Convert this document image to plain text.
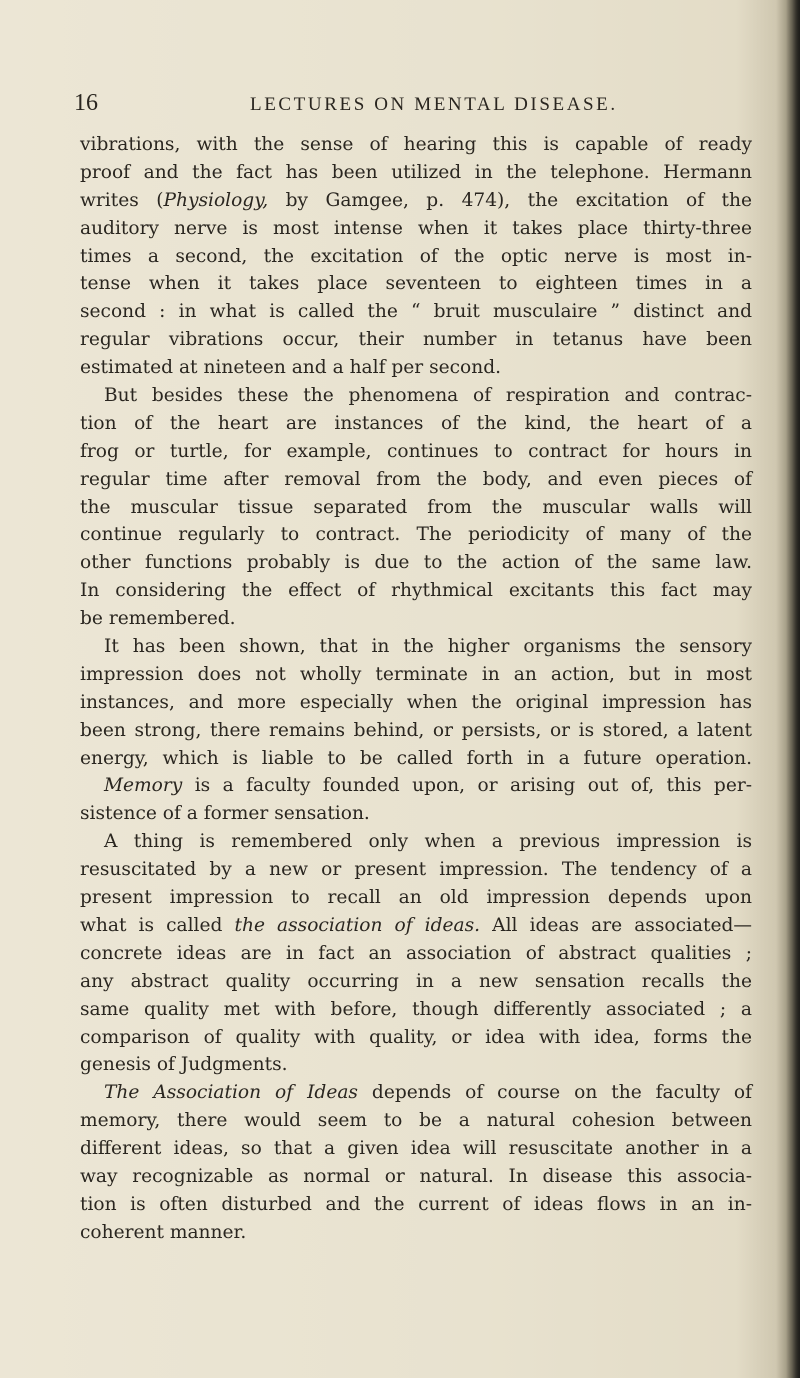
16	LECTURES ON MENTAL DISEASE.
vibrations, with the sense of hearing this is capable of ready
proof and the fact has been utilized in the telephone. Hermann
writes (Physiology, by Gamgee, p. 474), the excitation of the
auditory nerve is most intense when it takes place thirty-three
times a second, the excitation of the optic nerve is most in-
tense when it takes place seventeen to eighteen times in a
second : in what is called the “ bruit musculaire ” distinct and
regular vibrations occur, their number in tetanus have been
estimated at nineteen and a half per second.
But besides these the phenomena of respiration and contrac-
tion of the heart are instances of the kind, the heart of a
frog or turtle, for example, continues to contract for hours in
regular time after removal from the body, and even pieces of
the muscular tissue separated from the muscular walls will
continue regularly to contract. The periodicity of many of the
other functions probably is due to the action of the same law.
In considering the effect of rhythmical excitants this fact may
be remembered.
It has been shown, that in the higher organisms the sensory
impression does not wholly terminate in an action, but in most
instances, and more especially when the original impression has
been strong, there remains behind, or persists, or is stored, a latent
energy, which is liable to be called forth in a future operation.
Memory is a faculty founded upon, or arising out of, this per-
sistence of a former sensation.
A thing is remembered only when a previous impression is
resuscitated by a new or present impression. The tendency of a
present impression to recall an old impression depends upon
what is called the association of ideas. All ideas are associated—
concrete ideas are in fact an association of abstract qualities ;
any abstract quality occurring in a new sensation recalls the
same quality met with before, though differently associated ; a
comparison of quality with quality, or idea with idea, forms the
genesis of Judgments.
The Association of Ideas depends of course on the faculty of
memory, there would seem to be a natural cohesion between
different ideas, so that a given idea will resuscitate another in a
way recognizable as normal or natural. In disease this associa-
tion is often disturbed and the current of ideas flows in an in-
coherent manner.
